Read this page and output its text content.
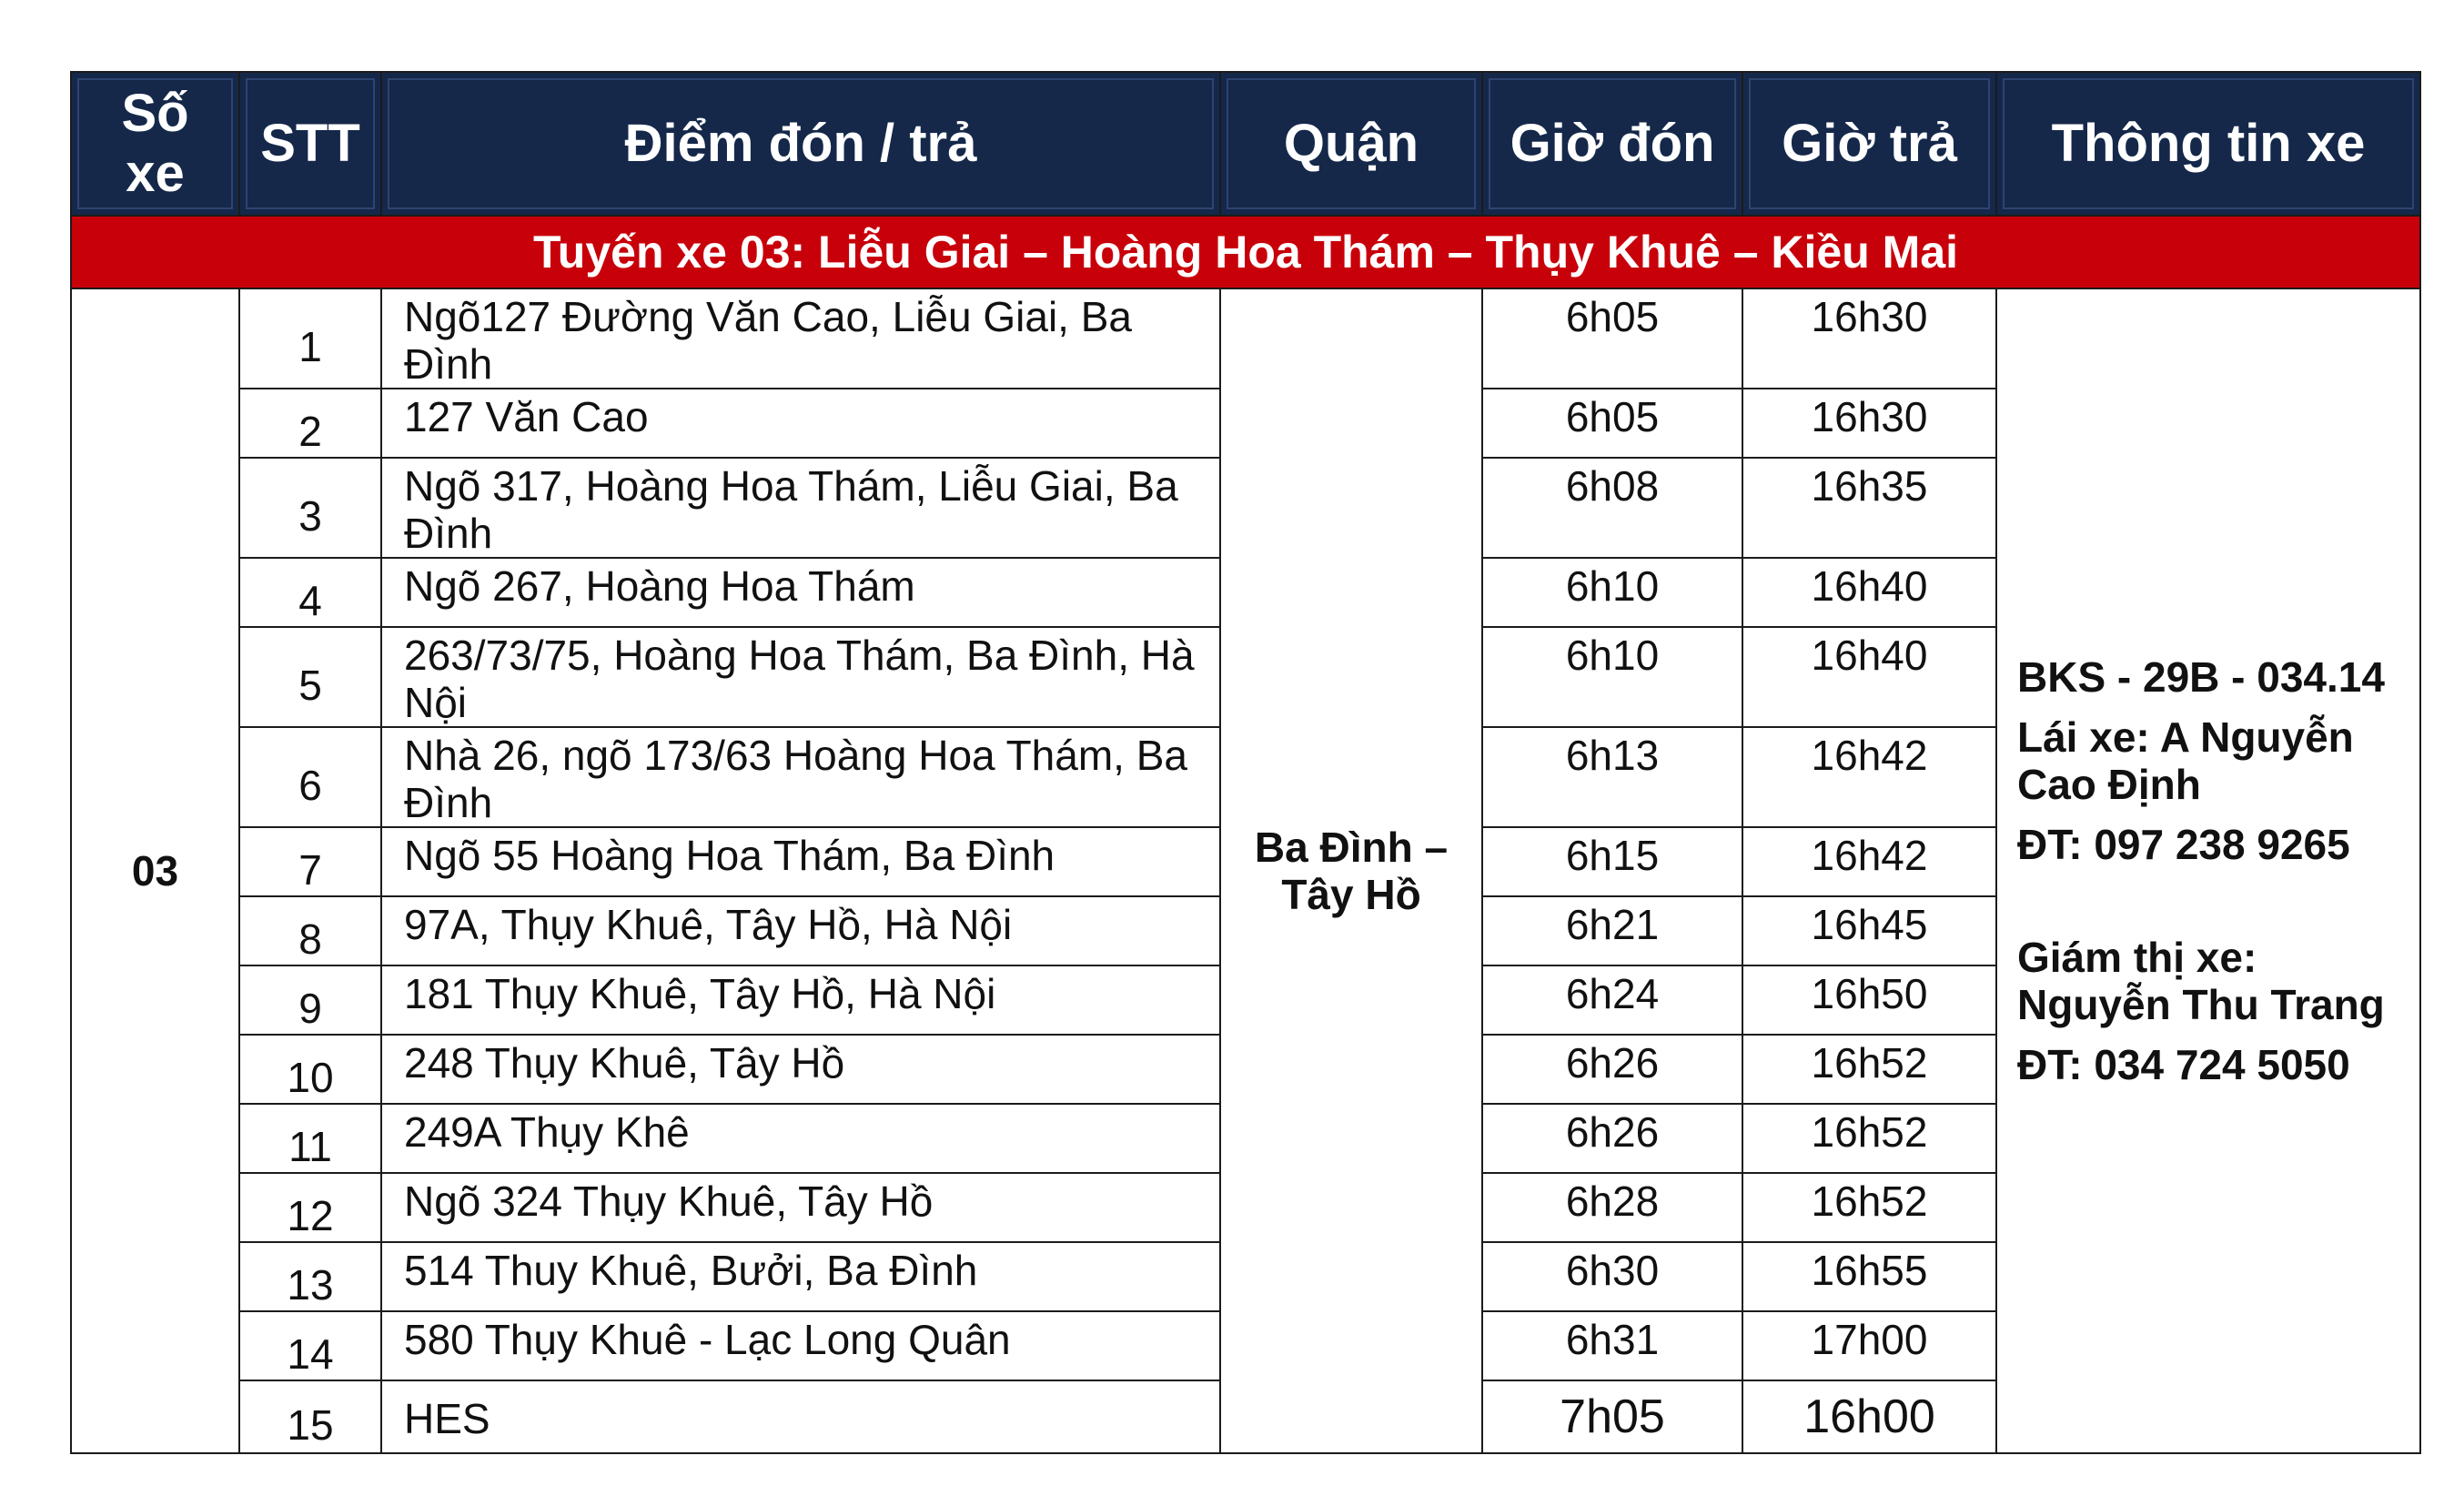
Số xe	STT	Điểm đón / trả	Quận	Giờ đón	Giờ trả	Thông tin xe
Tuyến xe 03: Liễu Giai – Hoàng Hoa Thám – Thụy Khuê – Kiều Mai						
03	1	Ngõ127 Đường Văn Cao, Liễu Giai, Ba Đình	Ba Đình – Tây Hồ	6h05	16h30	BKS - 29B - 034.14

Lái xe: A Nguyễn Cao Định

ĐT: 097 238 9265

Giám thị xe: Nguyễn Thu Trang

ĐT: 034 724 5050

	2	127 Văn Cao		6h05	16h30	
	3	Ngõ 317, Hoàng Hoa Thám, Liễu Giai, Ba Đình		6h08	16h35	
	4	Ngõ 267, Hoàng Hoa Thám		6h10	16h40	
	5	263/73/75, Hoàng Hoa Thám, Ba Đình, Hà Nội		6h10	16h40	
	6	Nhà 26, ngõ 173/63 Hoàng Hoa Thám, Ba Đình		6h13	16h42	
	7	Ngõ 55 Hoàng Hoa Thám, Ba Đình		6h15	16h42	
	8	97A, Thụy Khuê, Tây Hồ, Hà Nội		6h21	16h45	
	9	181 Thụy Khuê, Tây Hồ, Hà Nội		6h24	16h50	
	10	248 Thụy Khuê, Tây Hồ		6h26	16h52	
	11	249A Thụy Khê		6h26	16h52	
	12	Ngõ 324 Thụy Khuê, Tây Hồ		6h28	16h52	
	13	514 Thuy Khuê, Bưởi, Ba Đình		6h30	16h55	
	14	580 Thụy Khuê - Lạc Long Quân		6h31	17h00	
	15	HES		7h05	16h00	
